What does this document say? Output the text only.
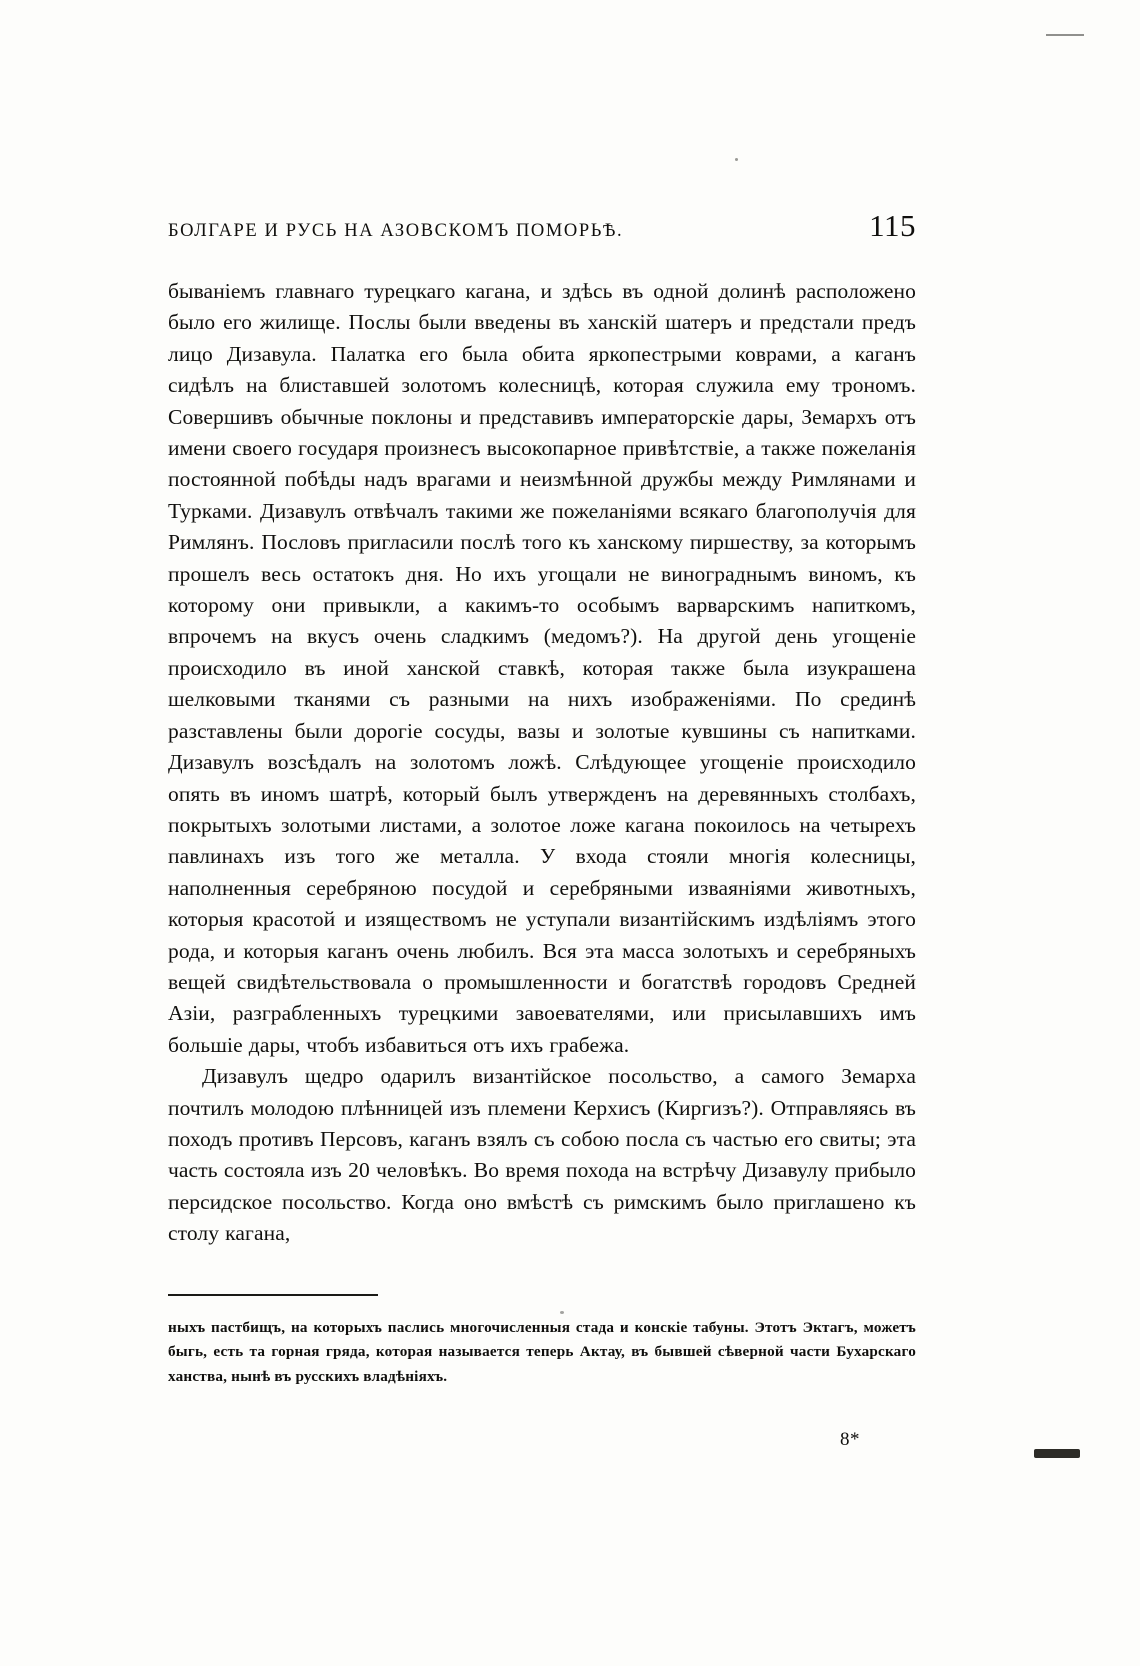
БОЛГАРЕ И РУСЬ НА АЗОВСКОМЪ ПОМОРЬѢ.	115

быванiемъ главнаго турецкаго кагана, и здѣсь въ одной долинѣ расположено было его жилище. Послы были введены въ ханскiй шатеръ и предстали предъ лицо Дизавула. Палатка его была обита яркопестрыми коврами, а каганъ сидѣлъ на блиставшей золотомъ колесницѣ, которая служила ему трономъ. Совершивъ обычные поклоны и представивъ императорскiе дары, Земархъ отъ имени своего государя произнесъ высокопарное привѣтствiе, а также пожеланiя постоянной побѣды надъ врагами и неизмѣнной дружбы между Римлянами и Турками. Дизавулъ отвѣчалъ такими же пожеланiями всякаго благополучiя для Римлянъ. Пословъ пригласили послѣ того къ ханскому пиршеству, за которымъ прошелъ весь остатокъ дня. Но ихъ угощали не винограднымъ виномъ, къ которому они привыкли, а какимъ-то особымъ варварскимъ напиткомъ, впрочемъ на вкусъ очень сладкимъ (медомъ?). На другой день угощенiе происходило въ иной ханской ставкѣ, которая также была изукрашена шелковыми тканями съ разными на нихъ изображенiями. По срединѣ разставлены были дорогiе сосуды, вазы и золотые кувшины съ напитками. Дизавулъ возсѣдалъ на золотомъ ложѣ. Слѣдующее угощенiе происходило опять въ иномъ шатрѣ, который былъ утвержденъ на деревянныхъ столбахъ, покрытыхъ золотыми листами, а золотое ложе кагана покоилось на четырехъ павлинахъ изъ того же металла. У входа стояли многiя колесницы, наполненныя серебряною посудой и серебряными изваянiями животныхъ, которыя красотой и изяществомъ не уступали византiйскимъ издѣлiямъ этого рода, и которыя каганъ очень любилъ. Вся эта масса золотыхъ и серебряныхъ вещей свидѣтельствовала о промышленности и богатствѣ городовъ Средней Азiи, разграбленныхъ турецкими завоевателями, или присылавшихъ имъ большiе дары, чтобъ избавиться отъ ихъ грабежа.

Дизавулъ щедро одарилъ византiйское посольство, а самого Земарха почтилъ молодою плѣнницей изъ племени Керхисъ (Киргизъ?). Отправляясь въ походъ противъ Персовъ, каганъ взялъ съ собою посла съ частью его свиты; эта часть состояла изъ 20 человѣкъ. Во время похода на встрѣчу Дизавулу прибыло персидское посольство. Когда оно вмѣстѣ съ римскимъ было приглашено къ столу кагана,

ныхъ пастбищъ, на которыхъ паслись многочисленныя стада и конскiе табуны. Этотъ Эктагъ, можетъ быгь, есть та горная гряда, которая называется теперь Актау, въ бывшей сѣверной части Бухарскаго ханства, нынѣ въ русскихъ владѣнiяхъ.

8*
